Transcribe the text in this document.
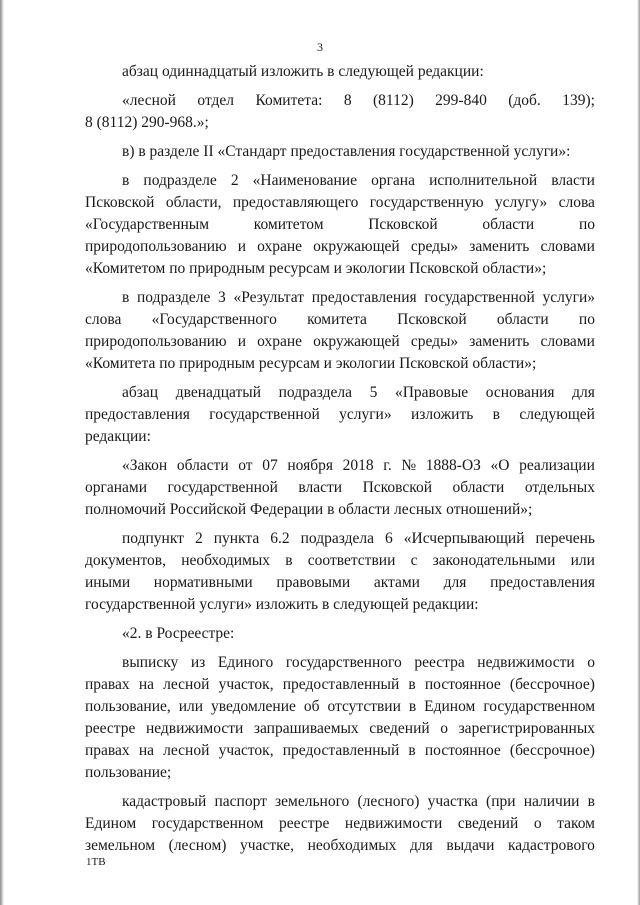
3
абзац одиннадцатый изложить в следующей редакции:
«лесной отдел Комитета: 8 (8112) 299-840 (доб. 139);
8 (8112) 290-968.»;
в) в разделе II «Стандарт предоставления государственной услуги»:
в подразделе 2 «Наименование органа исполнительной власти
Псковской области, предоставляющего государственную услугу» слова
«Государственным	комитетом	Псковской	области	по
природопользованию и охране окружающей среды» заменить словами
«Комитетом по природным ресурсам и экологии Псковской области»;
в подразделе 3 «Результат предоставления государственной услуги»
слова «Государственного комитета Псковской области по
природопользованию и охране окружающей среды» заменить словами
«Комитета по природным ресурсам и экологии Псковской области»;
абзац двенадцатый подраздела 5 «Правовые основания для
предоставления государственной услуги» изложить в следующей
редакции:
«Закон области от 07 ноября 2018 г. № 1888-ОЗ «О реализации
органами государственной власти Псковской области отдельных
полномочий Российской Федерации в области лесных отношений»;
подпункт 2 пункта 6.2 подраздела 6 «Исчерпывающий перечень
документов, необходимых в соответствии с законодательными или
иными нормативными правовыми актами для предоставления
государственной услуги» изложить в следующей редакции:
«2. в Росреестре:
выписку из Единого государственного реестра недвижимости о
правах на лесной участок, предоставленный в постоянное (бессрочное)
пользование, или уведомление об отсутствии в Едином государственном
реестре недвижимости запрашиваемых сведений о зарегистрированных
правах на лесной участок, предоставленный в постоянное (бессрочное)
пользование;
кадастровый паспорт земельного (лесного) участка (при наличии в
Едином государственном реестре недвижимости сведений о таком
земельном (лесном) участке, необходимых для выдачи кадастрового
1ТВ
